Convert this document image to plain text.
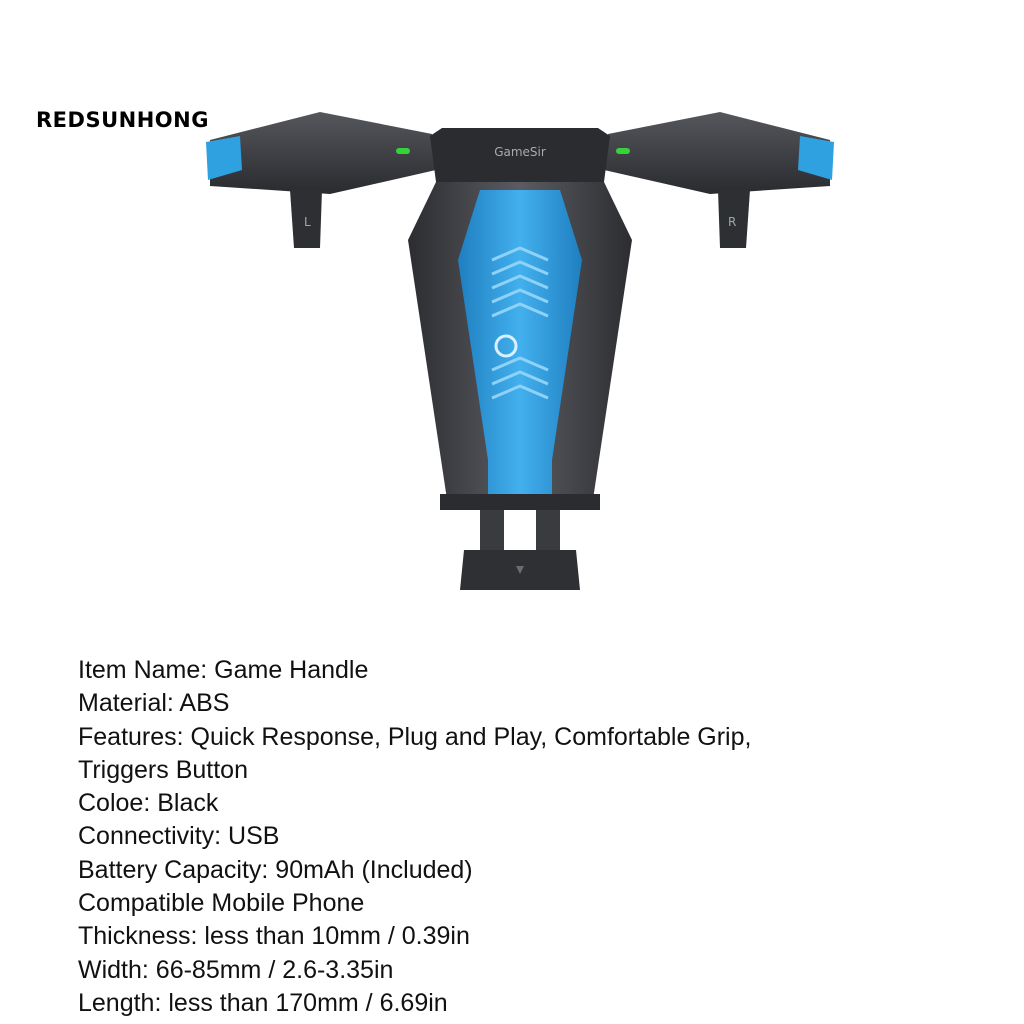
REDSUNHONG
L	R
GameSir
Item Name: Game Handle
Material: ABS
Features: Quick Response, Plug and Play, Comfortable Grip,
Triggers Button
Coloe: Black
Connectivity: USB
Battery Capacity: 90mAh (Included)
Compatible Mobile Phone
Thickness: less than 10mm / 0.39in
Width: 66-85mm / 2.6-3.35in
Length: less than 170mm / 6.69in
